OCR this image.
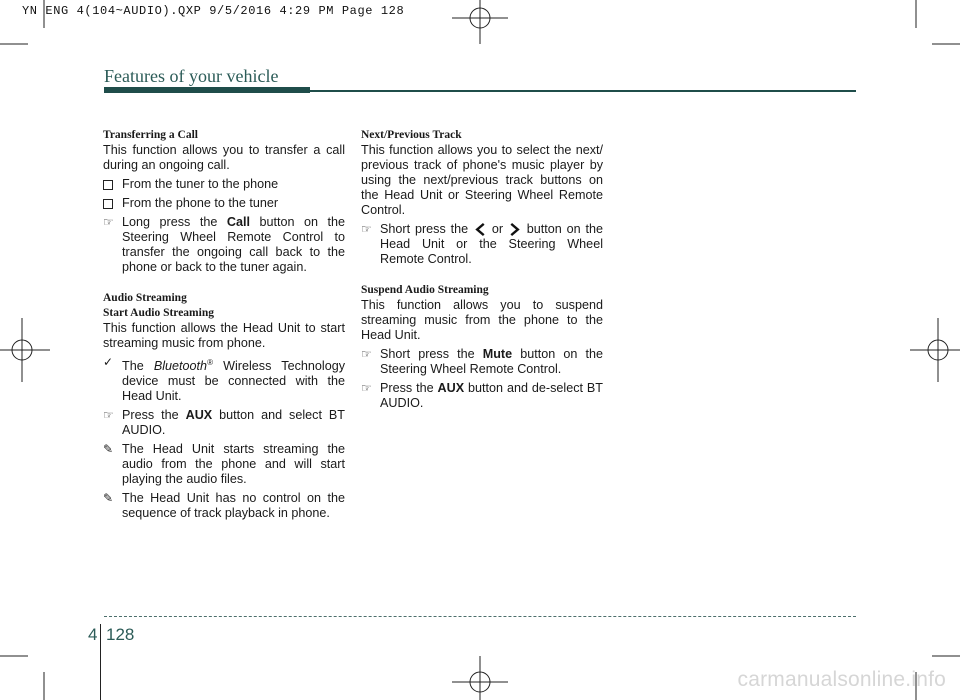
YN ENG 4(104~AUDIO).QXP 9/5/2016 4:29 PM Page 128
Features of your vehicle

Transferring a Call

This function allows you to transfer a call during an ongoing call.

From the tuner to the phone

From the phone to the tuner

☞ Long press the Call button on the Steering Wheel Remote Control to transfer the ongoing call back to the phone or back to the tuner again.

Audio Streaming

Start Audio Streaming

This function allows the Head Unit to start streaming music from phone.

✓ The Bluetooth® Wireless Technology device must be connected with the Head Unit.

☞ Press the AUX button and select BT AUDIO.

✎ The Head Unit starts streaming the audio from the phone and will start playing the audio files.

✎ The Head Unit has no control on the sequence of track playback in phone.

Next/Previous Track

This function allows you to select the next/ previous track of phone's music player by using the next/previous track buttons on the Head Unit or Steering Wheel Remote Control.

☞ Short press the  or  button on the Head Unit or the Steering Wheel Remote Control.

Suspend Audio Streaming

This function allows you to suspend streaming music from the phone to the Head Unit.

☞ Short press the Mute button on the Steering Wheel Remote Control.

☞ Press the AUX button and de-select BT AUDIO.

4 128
carmanualsonline.info
